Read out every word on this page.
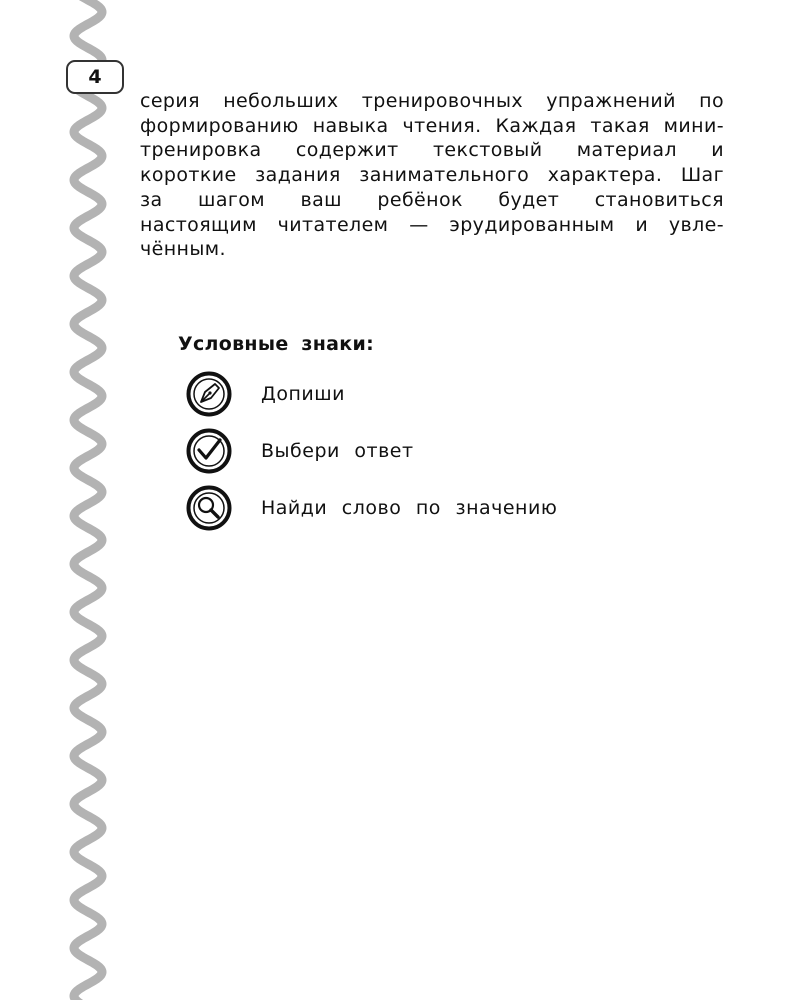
4

серия небольших тренировочных упражнений по формированию навыка чтения. Каждая такая мини-тренировка содержит текстовый материал и короткие задания занимательного характера. Шаг за шагом ваш ребёнок будет становиться настоящим читателем — эрудированным и увле-чённым.

Условные знаки:
Допиши
Выбери ответ
Найди слово по значению
